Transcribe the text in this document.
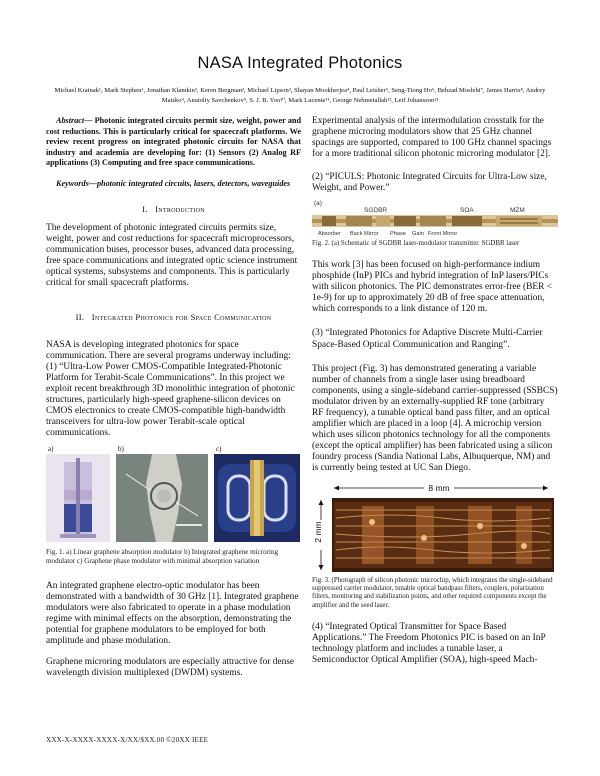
NASA Integrated Photonics
Michael Krainak¹, Mark Stephen¹, Jonathan Klamkin², Keren Bergman³, Michael Lipson³, Shayan Mookherjea⁴, Paul Leisher⁵, Seng-Tiong Ho⁶, Behzad Moslehi⁷, James Harris⁸, Andrey Matsko⁹, Anatoliy Savchenkov⁹, S. J. B. Yoo¹⁰, Mark Lucente¹¹, George Nehmetallah¹², Leif Johansson¹³
Abstract— Photonic integrated circuits permit size, weight, power and cost reductions. This is particularly critical for spacecraft platforms. We review recent progress on integrated photonic circuits for NASA that industry and academia are developing for: (1) Sensors (2) Analog RF applications (3) Computing and free space communications.
Keywords—photonic integrated circuits, lasers, detectors, waveguides
I. Introduction
The development of photonic integrated circuits permits size, weight, power and cost reductions for spacecraft microprocessors, communication buses, processor buses, advanced data processing, free space communications and integrated optic science instrument optical systems, subsystems and components. This is particularly critical for small spacecraft platforms.
II. Integrated Photonics for Space Communication
NASA is developing integrated photonics for space communication. There are several programs underway including: (1) “Ultra-Low Power CMOS-Compatible Integrated-Photonic Platform for Terabit-Scale Communications”. In this project we exploit recent breakthrough 3D monolithic integration of photonic structures, particularly high-speed graphene-silicon devices on CMOS electronics to create CMOS-compatible high-bandwidth transceivers for ultra-low power Terabit-scale optical communications.
a)	b)	c)
Fig. 1. a) Linear graphene absorption modulator b) Integrated graphene microring modulator c) Graphene phase modulator with minimal absorption variation
An integrated graphene electro-optic modulator has been demonstrated with a bandwidth of 30 GHz [1]. Integrated graphene modulators were also fabricated to operate in a phase modulation regime with minimal effects on the absorption, demonstrating the potential for graphene modulators to be employed for both amplitude and phase modulation.
Graphene microring modulators are especially attractive for dense wavelength division multiplexed (DWDM) systems.
Experimental analysis of the intermodulation crosstalk for the graphene microring modulators show that 25 GHz channel spacings are supported, compared to 100 GHz channel spacings for a more traditional silicon photonic microring modulator [2].
(2) “PICULS: Photonic Integrated Circuits for Ultra-Low size, Weight, and Power.”
(a)
SGDBR	SOA	MZM
Absorber Back Mirror Phase Gain Front Mirror
Fig. 2. (a) Schematic of SGDBR laser-modulator transmitter. SGDBR laser
This work [3] has been focused on high-performance indium phosphide (InP) PICs and hybrid integration of InP lasers/PICs with silicon photonics. The PIC demonstrates error-free (BER < 1e-9) for up to approximately 20 dB of free space attenuation, which corresponds to a link distance of 120 m.
(3) “Integrated Photonics for Adaptive Discrete Multi-Carrier Space-Based Optical Communication and Ranging”.
This project (Fig. 3) has demonstrated generating a variable number of channels from a single laser using breadboard components, using a single-sideband carrier-suppressed (SSBCS) modulator driven by an externally-supplied RF tone (arbitrary RF frequency), a tunable optical band pass filter, and an optical amplifier which are placed in a loop [4]. A microchip version which uses silicon photonics technology for all the components (except the optical amplifier) has been fabricated using a silicon foundry process (Sandia National Labs, Albuquerque, NM) and is currently being tested at UC San Diego.
8 mm
2 mm
Fig. 3. (Photograph of silicon photonic microchip, which integrates the single-sideband suppressed carrier modulator, tunable optical bandpass filters, couplers, polarization filters, monitoring and stabilization points, and other required components except the amplifier and the seed laser.
(4) “Integrated Optical Transmitter for Space Based Applications.” The Freedom Photonics PIC is based on an InP technology platform and includes a tunable laser, a Semiconductor Optical Amplifier (SOA), high-speed Mach-
XXX-X-XXXX-XXXX-X/XX/$XX.00 ©20XX IEEE
